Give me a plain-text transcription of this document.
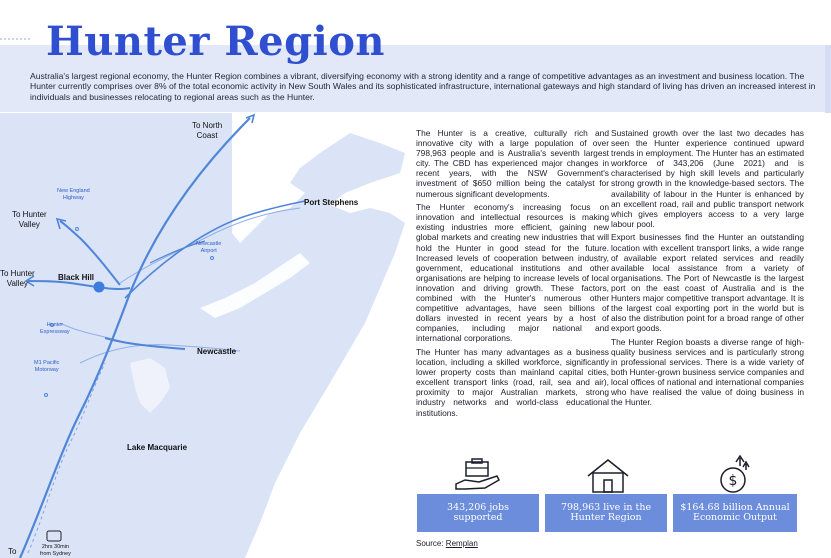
Hunter Region

Australia's largest regional economy, the Hunter Region combines a vibrant, diversifying economy with a strong identity and a range of competitive advantages as an investment and business location. The Hunter currently comprises over 8% of the total economic activity in New South Wales and its sophisticated infrastructure, international gateways and high standard of living has driven an increased interest in individuals and businesses relocating to regional areas such as the Hunter.

To North
Coast
Port Stephens
New England
Highway
To Hunter
Valley
Newcastle
Airport
To Hunter
Valley
Black Hill
Hunter
Expressway
Newcastle
M1 Pacific
Motorway
Lake Macquarie
To	2hrs 30min
from Sydney

The Hunter is a creative, culturally rich and innovative city with a large population of over 798,963 people and is Australia's seventh largest city. The CBD has experienced major changes in recent years, with the NSW Government's investment of $650 million being the catalyst for numerous significant developments.

The Hunter economy's increasing focus on innovation and intellectual resources is making existing industries more efficient, gaining new global markets and creating new industries that will hold the Hunter in good stead for the future. Increased levels of cooperation between industry, government, educational institutions and other organisations are helping to increase levels of local innovation and driving growth. These factors, combined with the Hunter's numerous other competitive advantages, have seen billions of dollars invested in recent years by a host of companies, including major national and international corporations.

The Hunter has many advantages as a business location, including a skilled workforce, significantly lower property costs than mainland capital cities, excellent transport links (road, rail, sea and air), proximity to major Australian markets, strong industry networks and world-class educational institutions.

Sustained growth over the last two decades has seen the Hunter experience continued upward trends in employment. The Hunter has an estimated workforce of 343,206 (June 2021) and is characterised by high skill levels and particularly strong growth in the knowledge-based sectors. The availability of labour in the Hunter is enhanced by an excellent road, rail and public transport network which gives employers access to a very large labour pool.

Export businesses find the Hunter an outstanding location with excellent transport links, a wide range of available export related services and readily available local assistance from a variety of organisations. The Port of Newcastle is the largest port on the east coast of Australia and is the Hunters major competitive transport advantage. It is the largest coal exporting port in the world but is also the distribution point for a broad range of other export goods.

The Hunter Region boasts a diverse range of high-quality business services and is particularly strong in professional services. There is a wide variety of both Hunter-grown business service companies and local offices of national and international companies who have realised the value of doing business in the Hunter.

$
343,206 jobs
supported
798,963 live in the
Hunter Region
$164.68 billion Annual
Economic Output
Source: Remplan
